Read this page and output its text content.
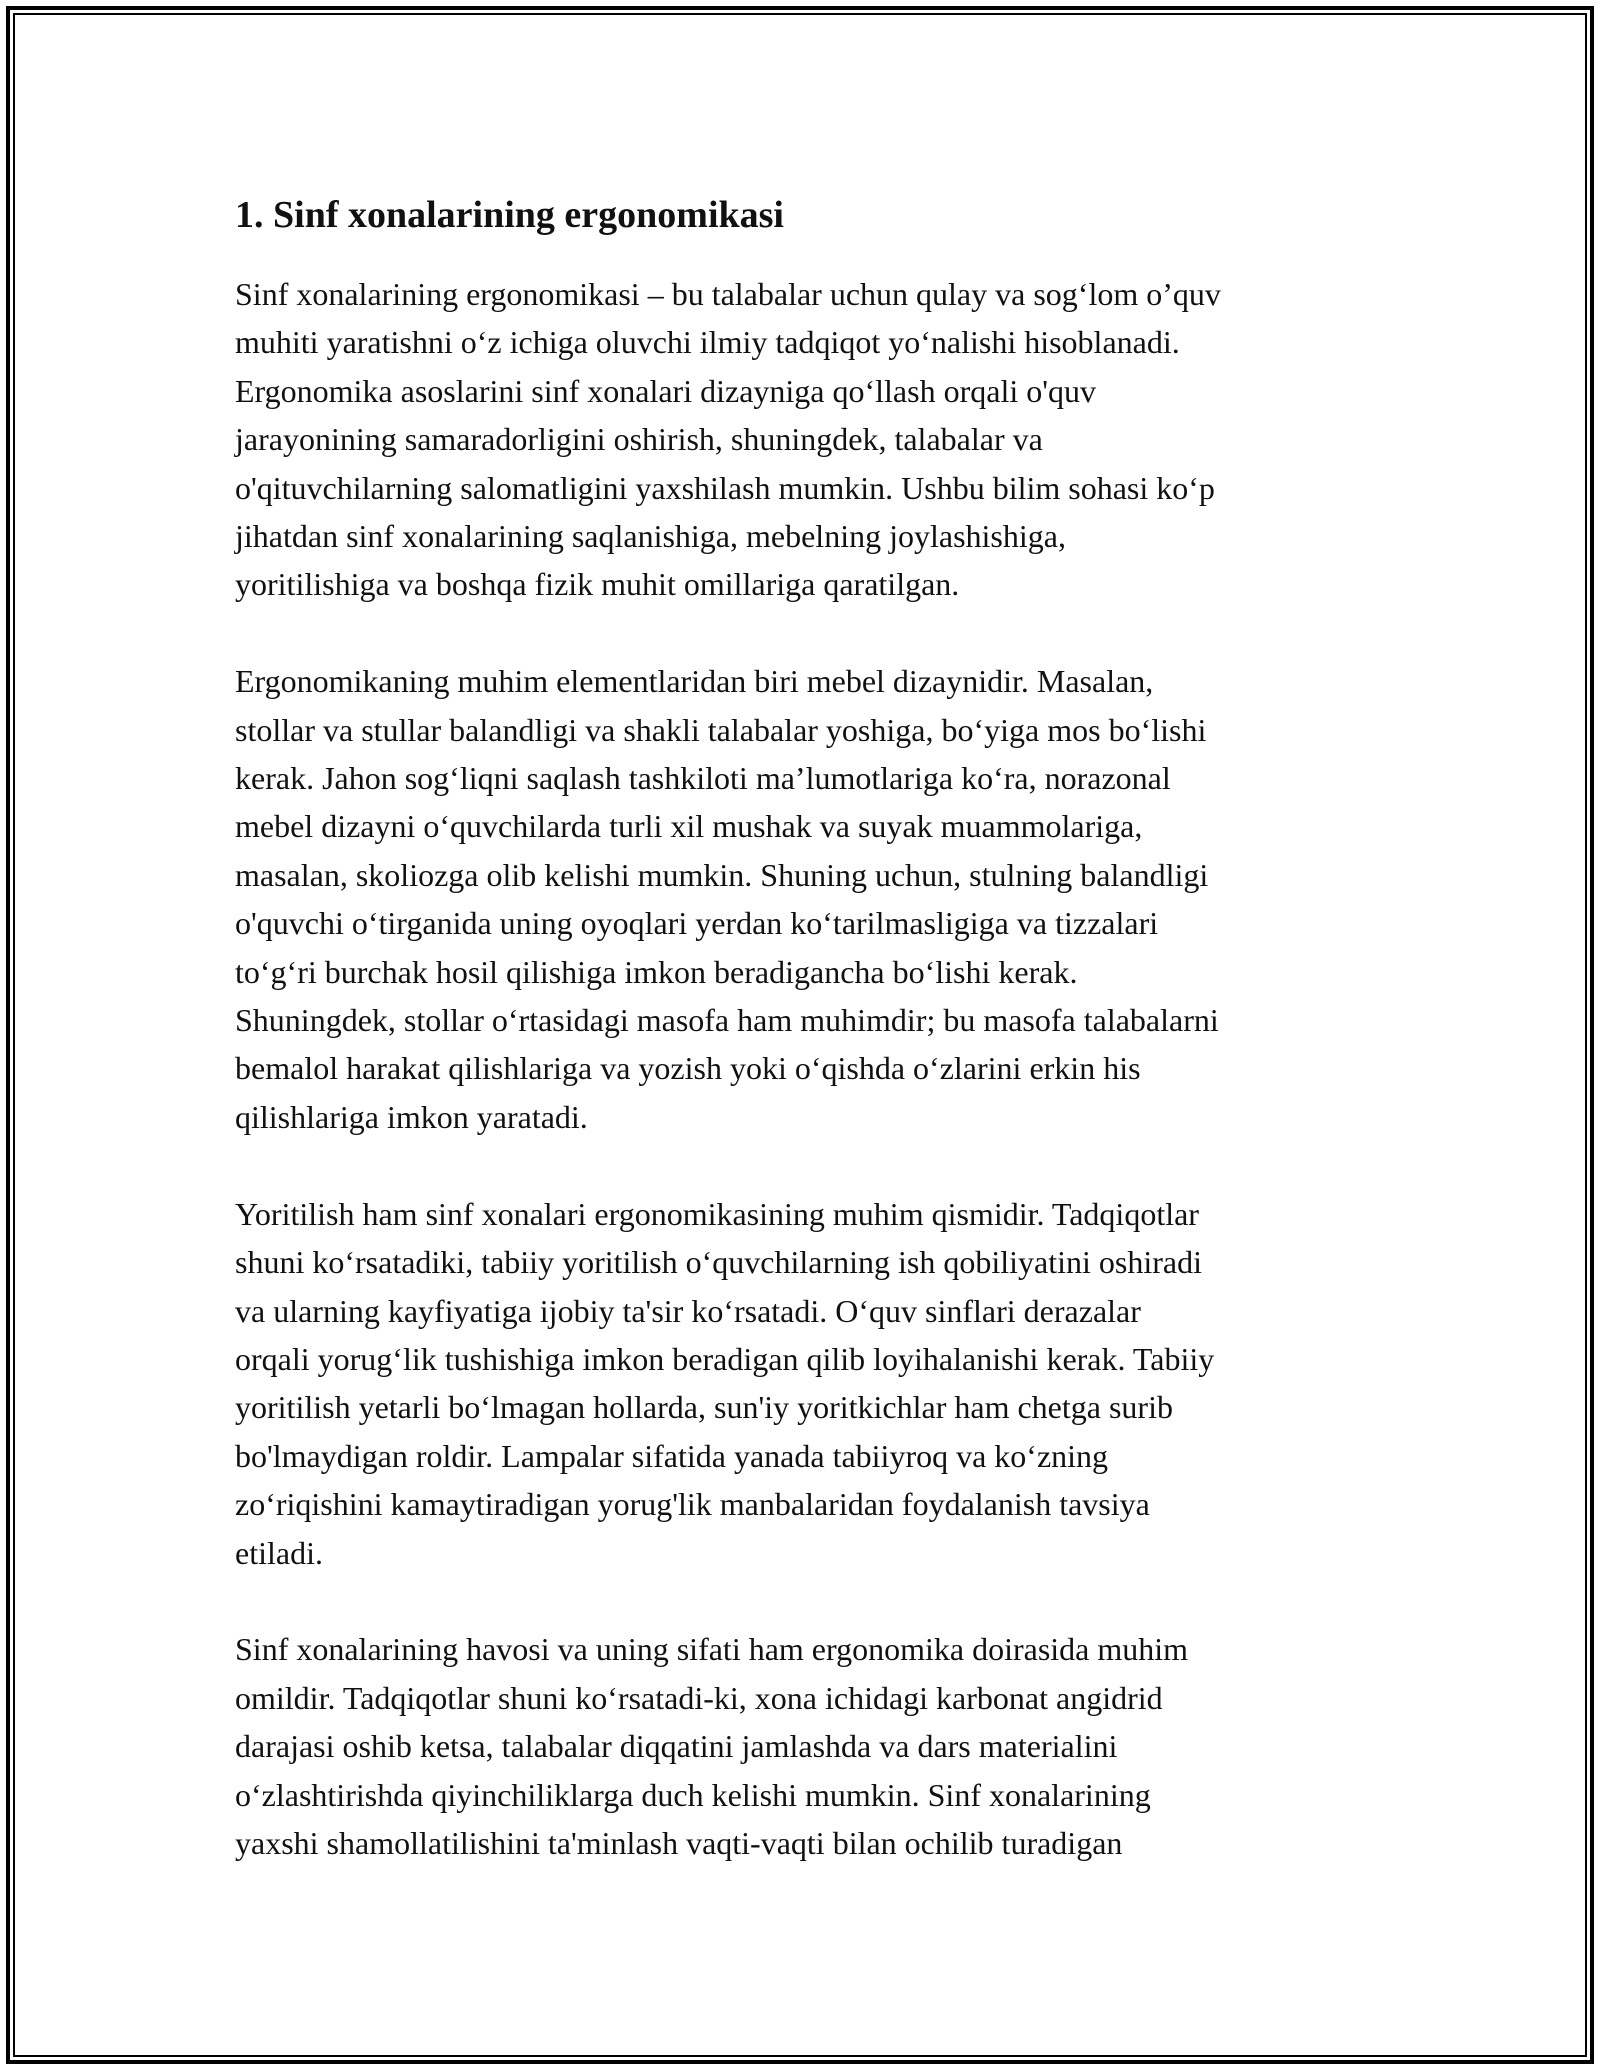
1. Sinf xonalarining ergonomikasi
Sinf xonalarining ergonomikasi – bu talabalar uchun qulay va sog‘lom o’quv
muhiti yaratishni o‘z ichiga oluvchi ilmiy tadqiqot yo‘nalishi hisoblanadi.
Ergonomika asoslarini sinf xonalari dizayniga qo‘llash orqali o'quv
jarayonining samaradorligini oshirish, shuningdek, talabalar va
o'qituvchilarning salomatligini yaxshilash mumkin. Ushbu bilim sohasi ko‘p
jihatdan sinf xonalarining saqlanishiga, mebelning joylashishiga,
yoritilishiga va boshqa fizik muhit omillariga qaratilgan.
Ergonomikaning muhim elementlaridan biri mebel dizaynidir. Masalan,
stollar va stullar balandligi va shakli talabalar yoshiga, bo‘yiga mos bo‘lishi
kerak. Jahon sog‘liqni saqlash tashkiloti ma’lumotlariga ko‘ra, norazonal
mebel dizayni o‘quvchilarda turli xil mushak va suyak muammolariga,
masalan, skoliozga olib kelishi mumkin. Shuning uchun, stulning balandligi
o'quvchi o‘tirganida uning oyoqlari yerdan ko‘tarilmasligiga va tizzalari
to‘g‘ri burchak hosil qilishiga imkon beradigancha bo‘lishi kerak.
Shuningdek, stollar o‘rtasidagi masofa ham muhimdir; bu masofa talabalarni
bemalol harakat qilishlariga va yozish yoki o‘qishda o‘zlarini erkin his
qilishlariga imkon yaratadi.
Yoritilish ham sinf xonalari ergonomikasining muhim qismidir. Tadqiqotlar
shuni ko‘rsatadiki, tabiiy yoritilish o‘quvchilarning ish qobiliyatini oshiradi
va ularning kayfiyatiga ijobiy ta'sir ko‘rsatadi. O‘quv sinflari derazalar
orqali yorug‘lik tushishiga imkon beradigan qilib loyihalanishi kerak. Tabiiy
yoritilish yetarli bo‘lmagan hollarda, sun'iy yoritkichlar ham chetga surib
bo'lmaydigan roldir. Lampalar sifatida yanada tabiiyroq va ko‘zning
zo‘riqishini kamaytiradigan yorug'lik manbalaridan foydalanish tavsiya
etiladi.
Sinf xonalarining havosi va uning sifati ham ergonomika doirasida muhim
omildir. Tadqiqotlar shuni ko‘rsatadi-ki, xona ichidagi karbonat angidrid
darajasi oshib ketsa, talabalar diqqatini jamlashda va dars materialini
o‘zlashtirishda qiyinchiliklarga duch kelishi mumkin. Sinf xonalarining
yaxshi shamollatilishini ta'minlash vaqti-vaqti bilan ochilib turadigan
